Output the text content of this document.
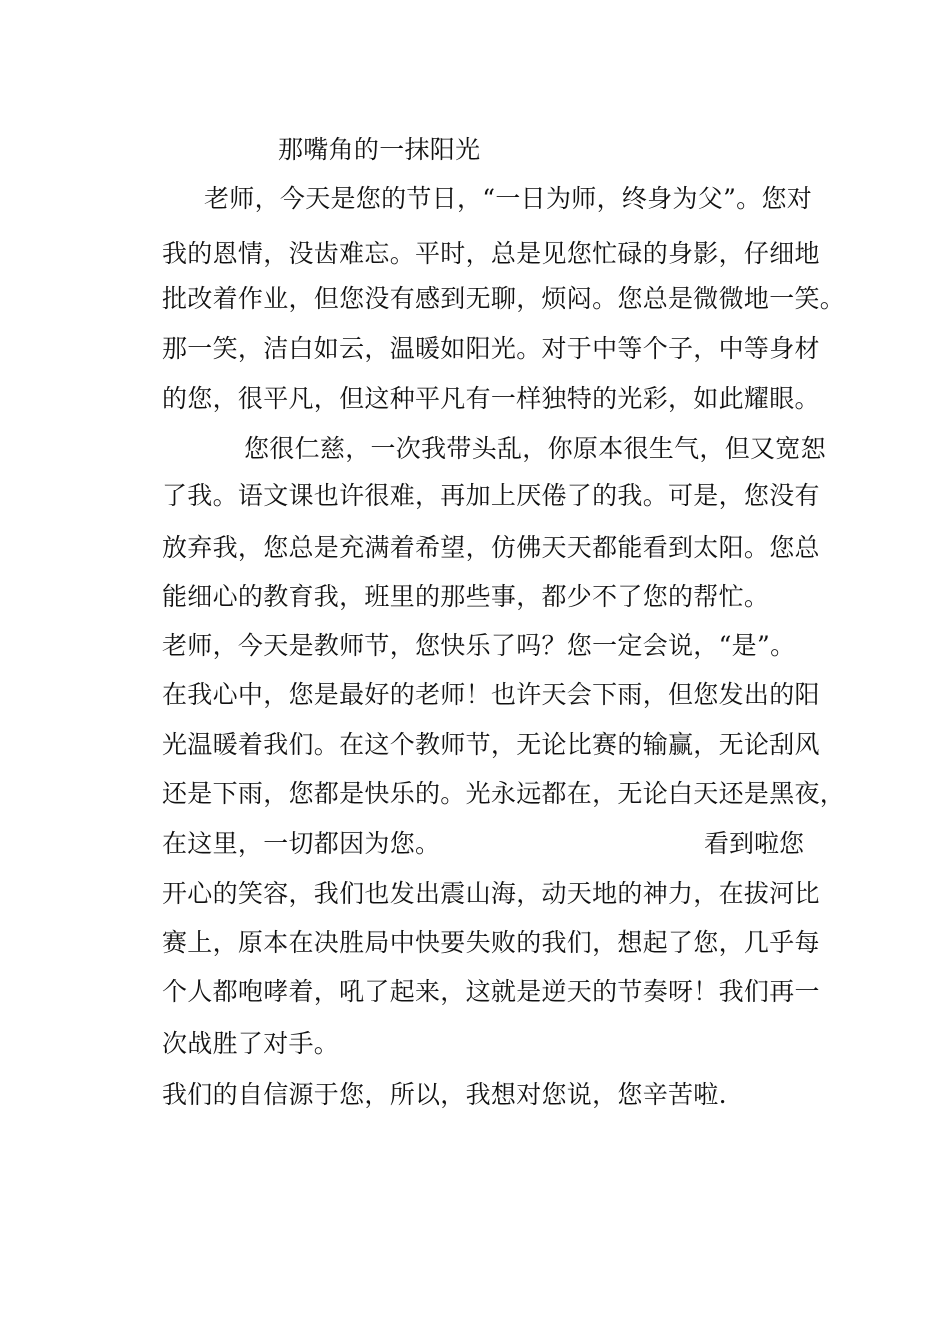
那嘴角的一抹阳光
老师，今天是您的节日，“一日为师，终身为父”。您对
我的恩情，没齿难忘。平时，总是见您忙碌的身影，仔细地
批改着作业，但您没有感到无聊，烦闷。您总是微微地一笑。
那一笑，洁白如云，温暖如阳光。对于中等个子，中等身材
的您，很平凡，但这种平凡有一样独特的光彩，如此耀眼。
您很仁慈，一次我带头乱，你原本很生气，但又宽恕
了我。语文课也许很难，再加上厌倦了的我。可是，您没有
放弃我，您总是充满着希望，仿佛天天都能看到太阳。您总
能细心的教育我，班里的那些事，都少不了您的帮忙。
老师，今天是教师节，您快乐了吗？您一定会说，“是”。
在我心中，您是最好的老师！也许天会下雨，但您发出的阳
光温暖着我们。在这个教师节，无论比赛的输赢，无论刮风
还是下雨，您都是快乐的。光永远都在，无论白天还是黑夜，
在这里，一切都因为您。	看到啦您
开心的笑容，我们也发出震山海，动天地的神力，在拔河比
赛上，原本在决胜局中快要失败的我们，想起了您，几乎每
个人都咆哮着，吼了起来，这就是逆天的节奏呀！我们再一
次战胜了对手。
我们的自信源于您，所以，我想对您说，您辛苦啦.
